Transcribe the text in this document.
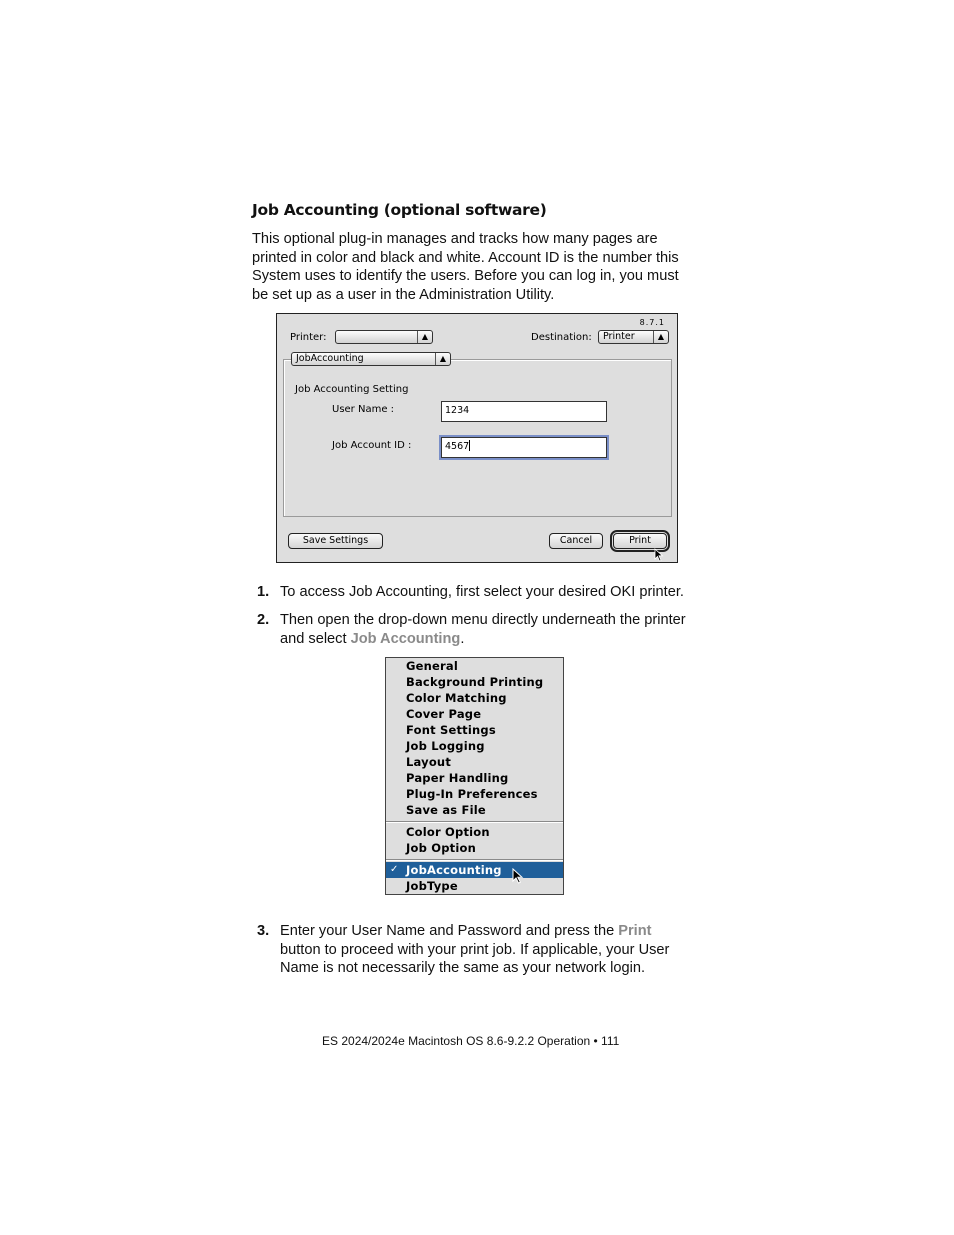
Job Accounting (optional software)
This optional plug-in manages and tracks how many pages are
printed in color and black and white. Account ID is the number this
System uses to identify the users. Before you can log in, you must
be set up as a user in the Administration Utility.
8.7.1
Printer:	▲︎	Destination:	Printer	▲︎
JobAccounting	▲︎
Job Accounting Setting
User Name :	1234
Job Account ID :	4567
Save Settings	Cancel	Print
1. To access Job Accounting, first select your desired OKI printer.
2. Then open the drop-down menu directly underneath the printer
and select Job Accounting.
General
Background Printing
Color Matching
Cover Page
Font Settings
Job Logging
Layout
Paper Handling
Plug-In Preferences
Save as File
Color Option
Job Option
✓ JobAccounting
JobType
3. Enter your User Name and Password and press the Print
button to proceed with your print job. If applicable, your User
Name is not necessarily the same as your network login.
ES 2024/2024e Macintosh OS 8.6-9.2.2 Operation • 111
